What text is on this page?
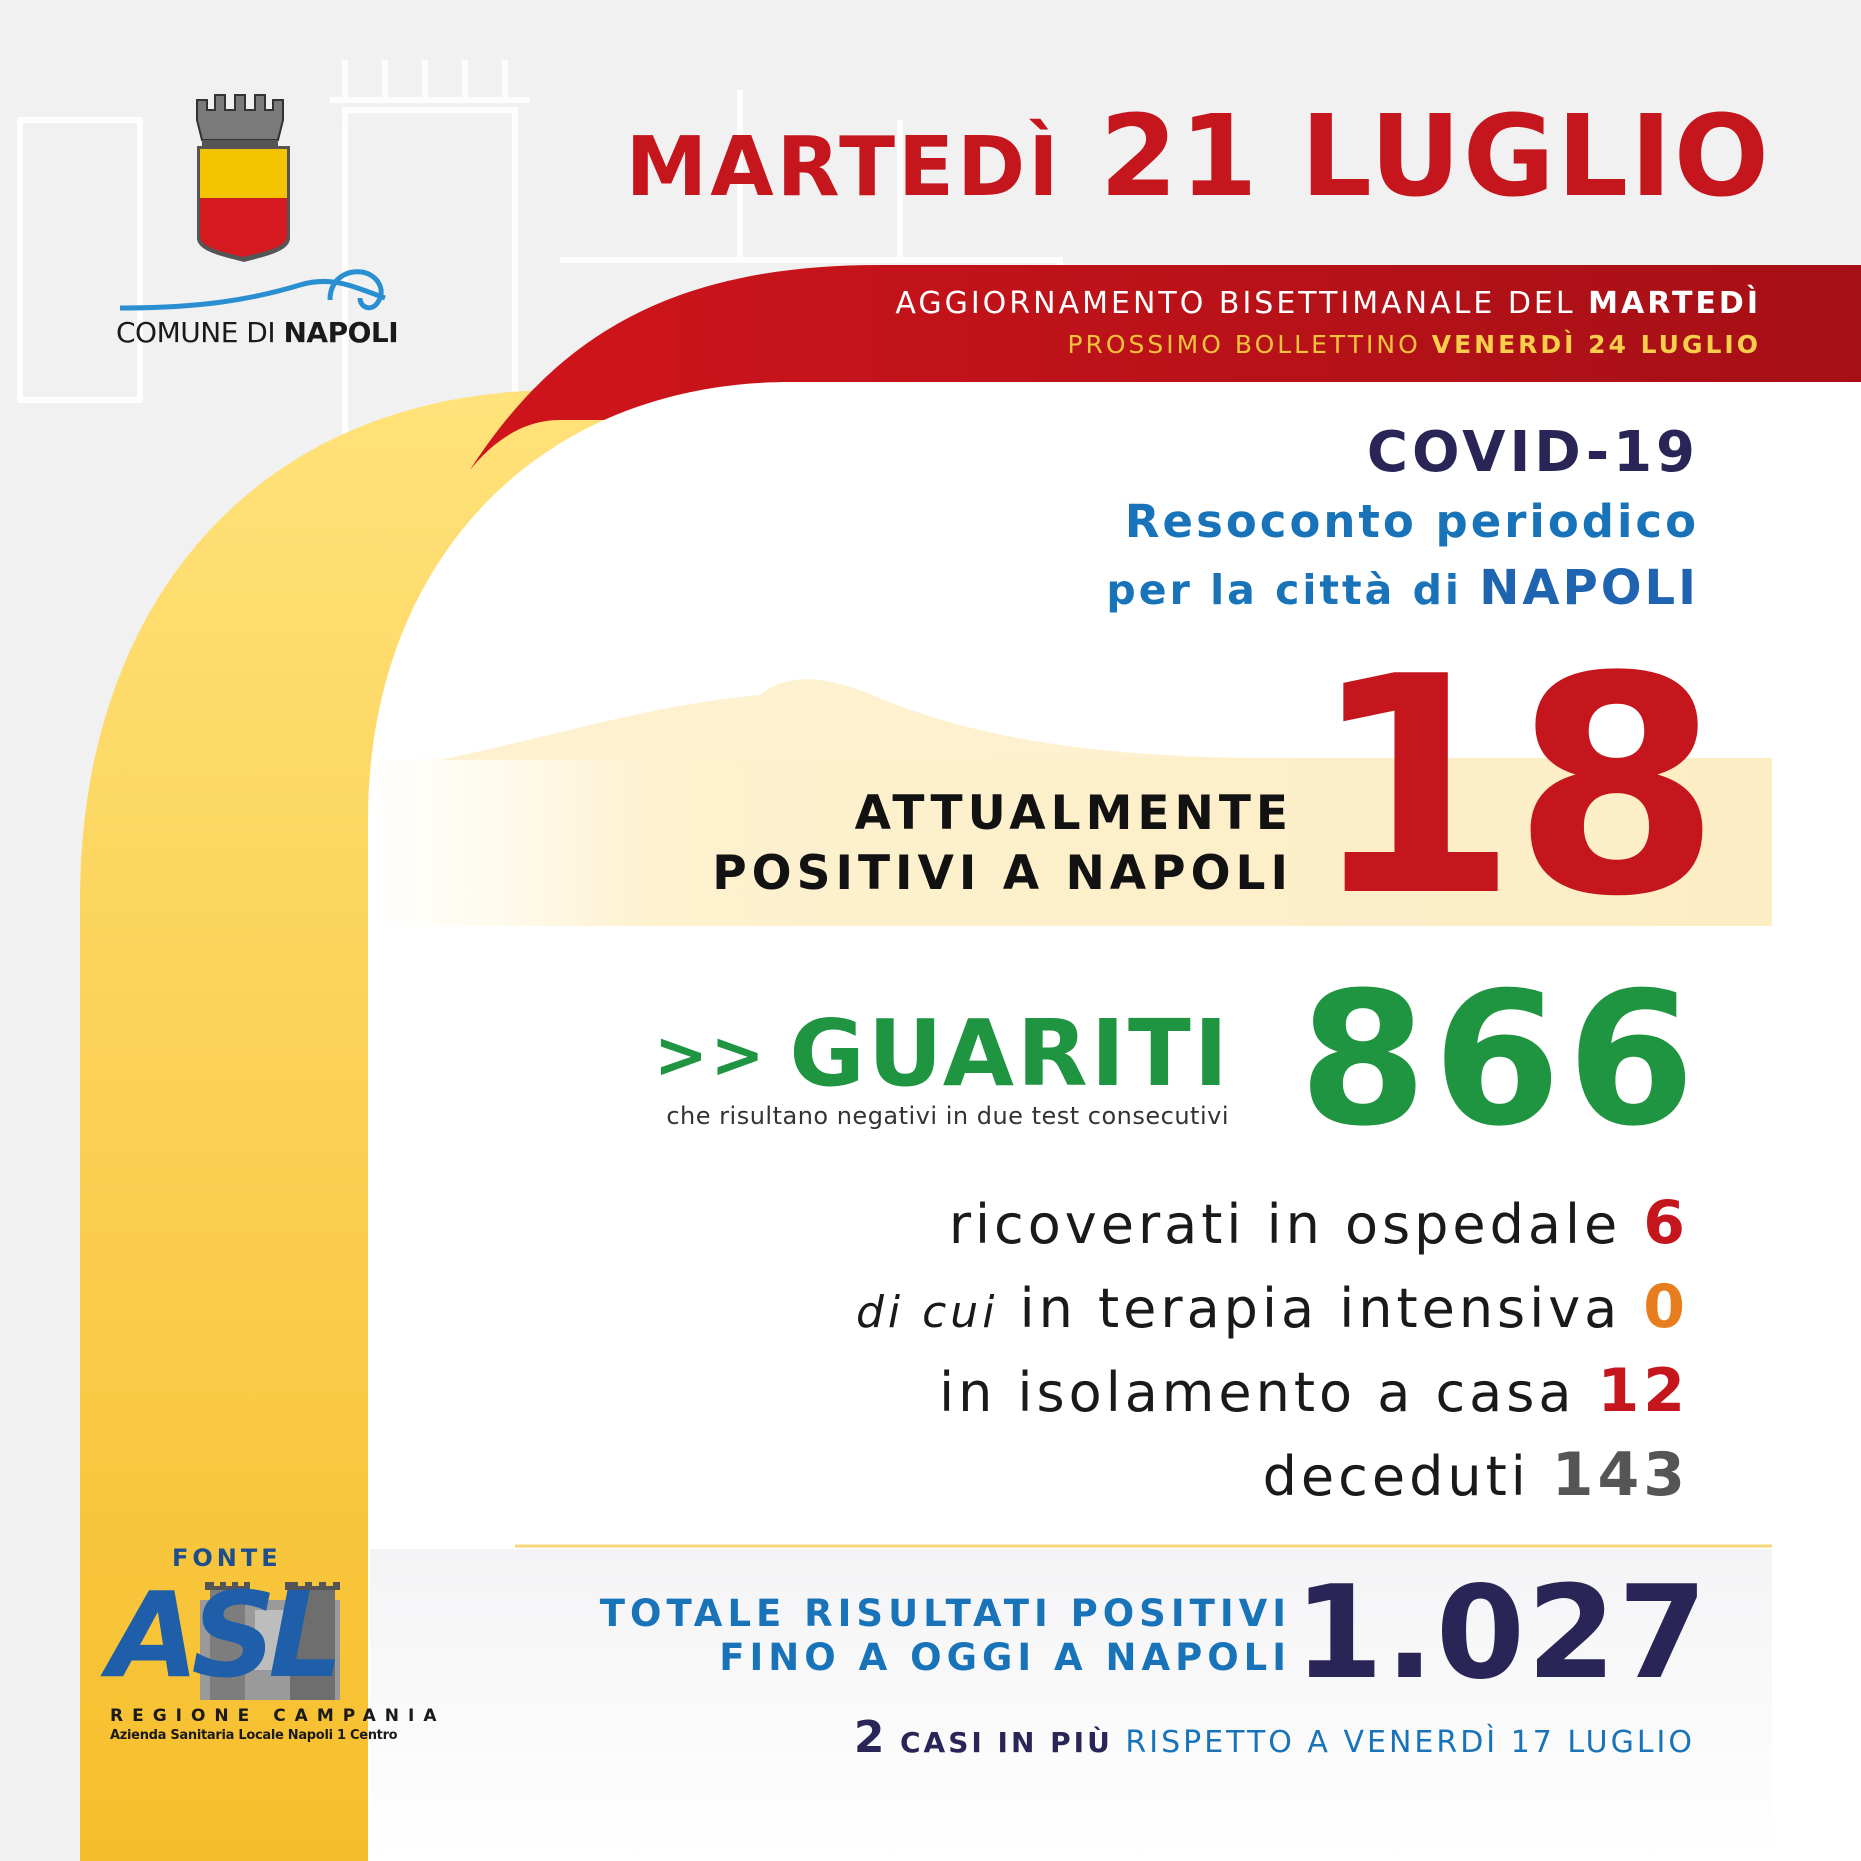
MARTEDÌ 21 LUGLIO
COMUNE DI NAPOLI
AGGIORNAMENTO BISETTIMANALE DEL MARTEDÌ
PROSSIMO BOLLETTINO VENERDÌ 24 LUGLIO
COVID-19
Resoconto periodico
per la città di NAPOLI
ATTUALMENTE
POSITIVI A NAPOLI 18
>> GUARITI
che risultano negativi in due test consecutivi 866
ricoverati in ospedale 6
di cui in terapia intensiva 0
in isolamento a casa 12
deceduti 143
TOTALE RISULTATI POSITIVI
FINO A OGGI A NAPOLI 1.027
2 CASI IN PIÙ RISPETTO A VENERDÌ 17 LUGLIO
FONTE
ASL
REGIONE CAMPANIA
Azienda Sanitaria Locale Napoli 1 Centro
